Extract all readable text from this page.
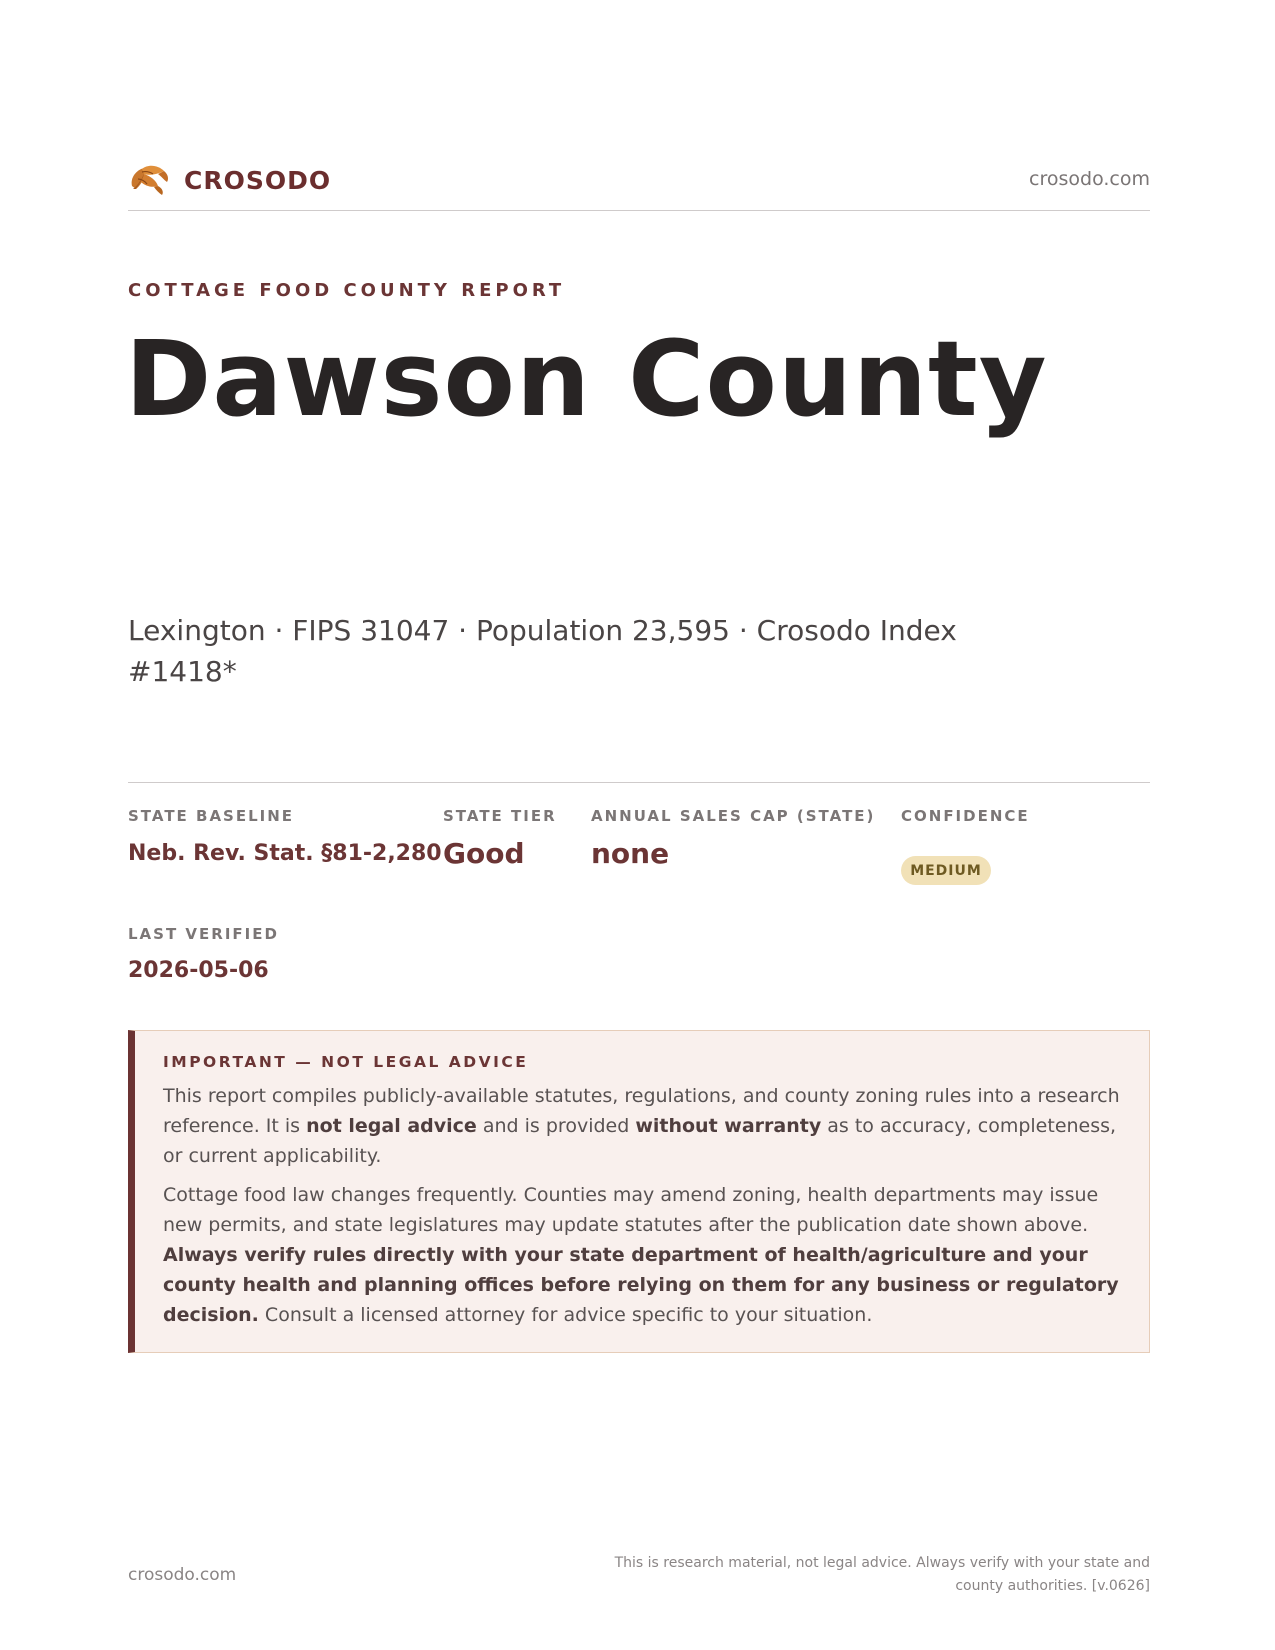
CROSODO	crosodo.com
COTTAGE FOOD COUNTY REPORT
Dawson County
Lexington · FIPS 31047 · Population 23,595 · Crosodo Index #1418*
STATE BASELINE
Neb. Rev. Stat. §81-2,280
STATE TIER
Good
ANNUAL SALES CAP (STATE)
none
CONFIDENCE
MEDIUM
LAST VERIFIED
2026-05-06
IMPORTANT — NOT LEGAL ADVICE

This report compiles publicly-available statutes, regulations, and county zoning rules into a research reference. It is not legal advice and is provided without warranty as to accuracy, completeness, or current applicability.

Cottage food law changes frequently. Counties may amend zoning, health departments may issue new permits, and state legislatures may update statutes after the publication date shown above. Always verify rules directly with your state department of health/agriculture and your county health and planning offices before relying on them for any business or regulatory decision. Consult a licensed attorney for advice specific to your situation.

crosodo.com
This is research material, not legal advice. Always verify with your state and county authorities. [v.0626]
